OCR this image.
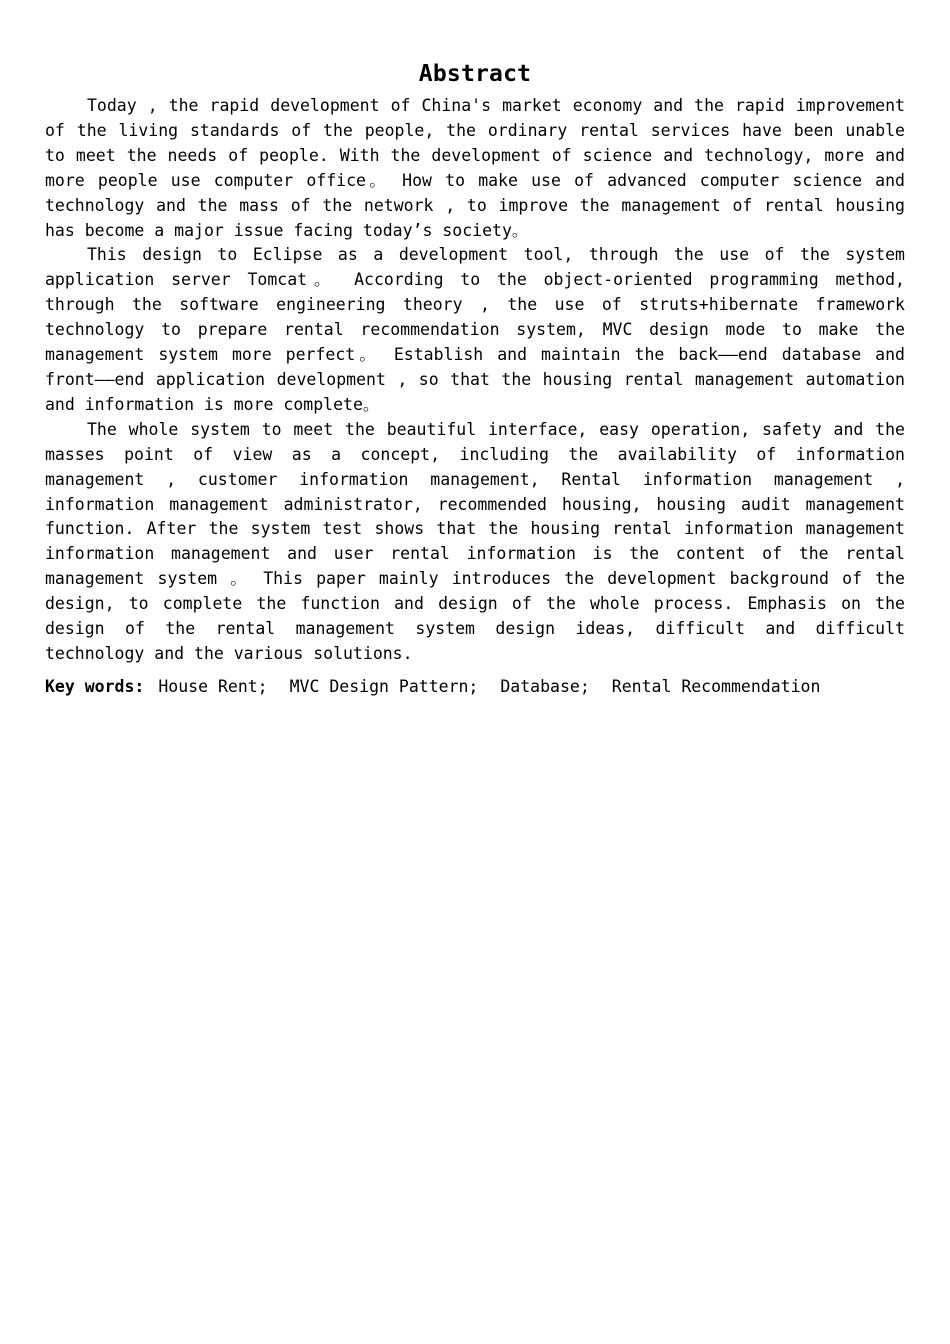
Abstract

Today , the rapid development of China's market economy and the rapid improvement of the living standards of the people, the ordinary rental services have been unable to meet the needs of people. With the development of science and technology, more and more people use computer office。 How to make use of advanced computer science and technology and the mass of the network , to improve the management of rental housing has become a major issue facing today’s society。

This design to Eclipse as a development tool, through the use of the system application server Tomcat。 According to the object-oriented programming method, through the software engineering theory , the use of struts+hibernate framework technology to prepare rental recommendation system, MVC design mode to make the management system more perfect。 Establish and maintain the back——end database and front——end application development , so that the housing rental management automation and information is more complete。

The whole system to meet the beautiful interface, easy operation, safety and the masses point of view as a concept, including the availability of information management , customer information management, Rental information management , information management administrator, recommended housing, housing audit management function. After the system test shows that the housing rental information management information management and user rental information is the content of the rental management system 。 This paper mainly introduces the development background of the design, to complete the function and design of the whole process. Emphasis on the design of the rental management system design ideas, difficult and difficult technology and the various solutions.

Key words: House Rent; MVC Design Pattern; Database; Rental Recommendation
